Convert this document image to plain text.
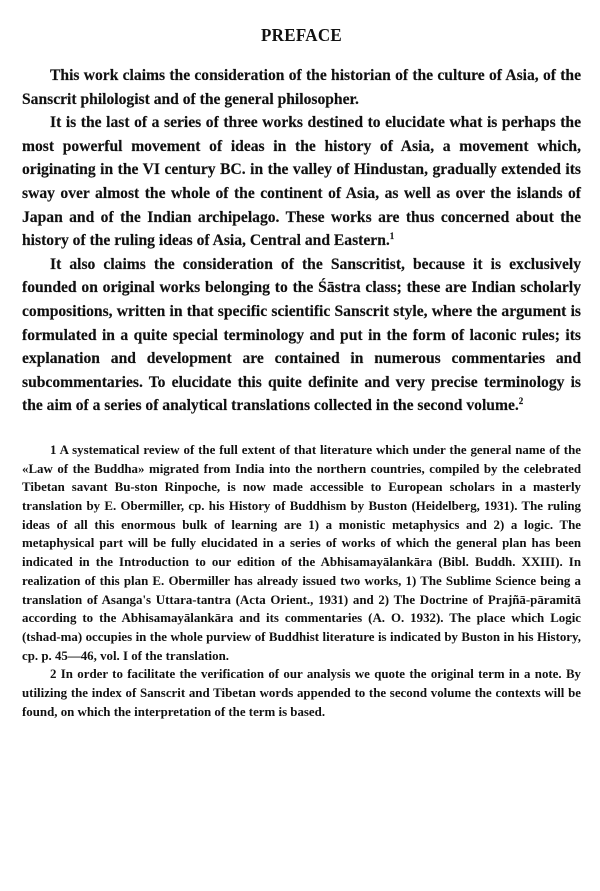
PREFACE

This work claims the consideration of the historian of the culture of Asia, of the Sanscrit philologist and of the general philosopher.

It is the last of a series of three works destined to elucidate what is perhaps the most powerful movement of ideas in the history of Asia, a movement which, originating in the VI century BC. in the valley of Hindustan, gradually extended its sway over almost the whole of the continent of Asia, as well as over the islands of Japan and of the Indian archipelago. These works are thus concerned about the history of the ruling ideas of Asia, Central and Eastern.$^1$

It also claims the consideration of the Sanscritist, because it is exclusively founded on original works belonging to the Śāstra class; these are Indian scholarly compositions, written in that specific scientific Sanscrit style, where the argument is formulated in a quite special terminology and put in the form of laconic rules; its explanation and development are contained in numerous commentaries and subcommentaries. To elucidate this quite definite and very precise terminology is the aim of a series of analytical translations collected in the second volume.$^2$

1 A systematical review of the full extent of that literature which under the general name of the «Law of the Buddha» migrated from India into the northern countries, compiled by the celebrated Tibetan savant Bu-ston Rinpoche, is now made accessible to European scholars in a masterly translation by E. Obermiller, cp. his History of Buddhism by Buston (Heidelberg, 1931). The ruling ideas of all this enormous bulk of learning are 1) a monistic metaphysics and 2) a logic. The metaphysical part will be fully elucidated in a series of works of which the general plan has been indicated in the Introduction to our edition of the Abhisamayālankāra (Bibl. Buddh. XXIII). In realization of this plan E. Obermiller has already issued two works, 1) The Sublime Science being a translation of Asanga's Uttara-tantra (Acta Orient., 1931) and 2) The Doctrine of Prajñā-pāramitā according to the Abhisamayālankāra and its commentaries (A. O. 1932). The place which Logic (tshad-ma) occupies in the whole purview of Buddhist literature is indicated by Buston in his History, cp. p. 45—46, vol. I of the translation.

2 In order to facilitate the verification of our analysis we quote the original term in a note. By utilizing the index of Sanscrit and Tibetan words appended to the second volume the contexts will be found, on which the interpretation of the term is based.
